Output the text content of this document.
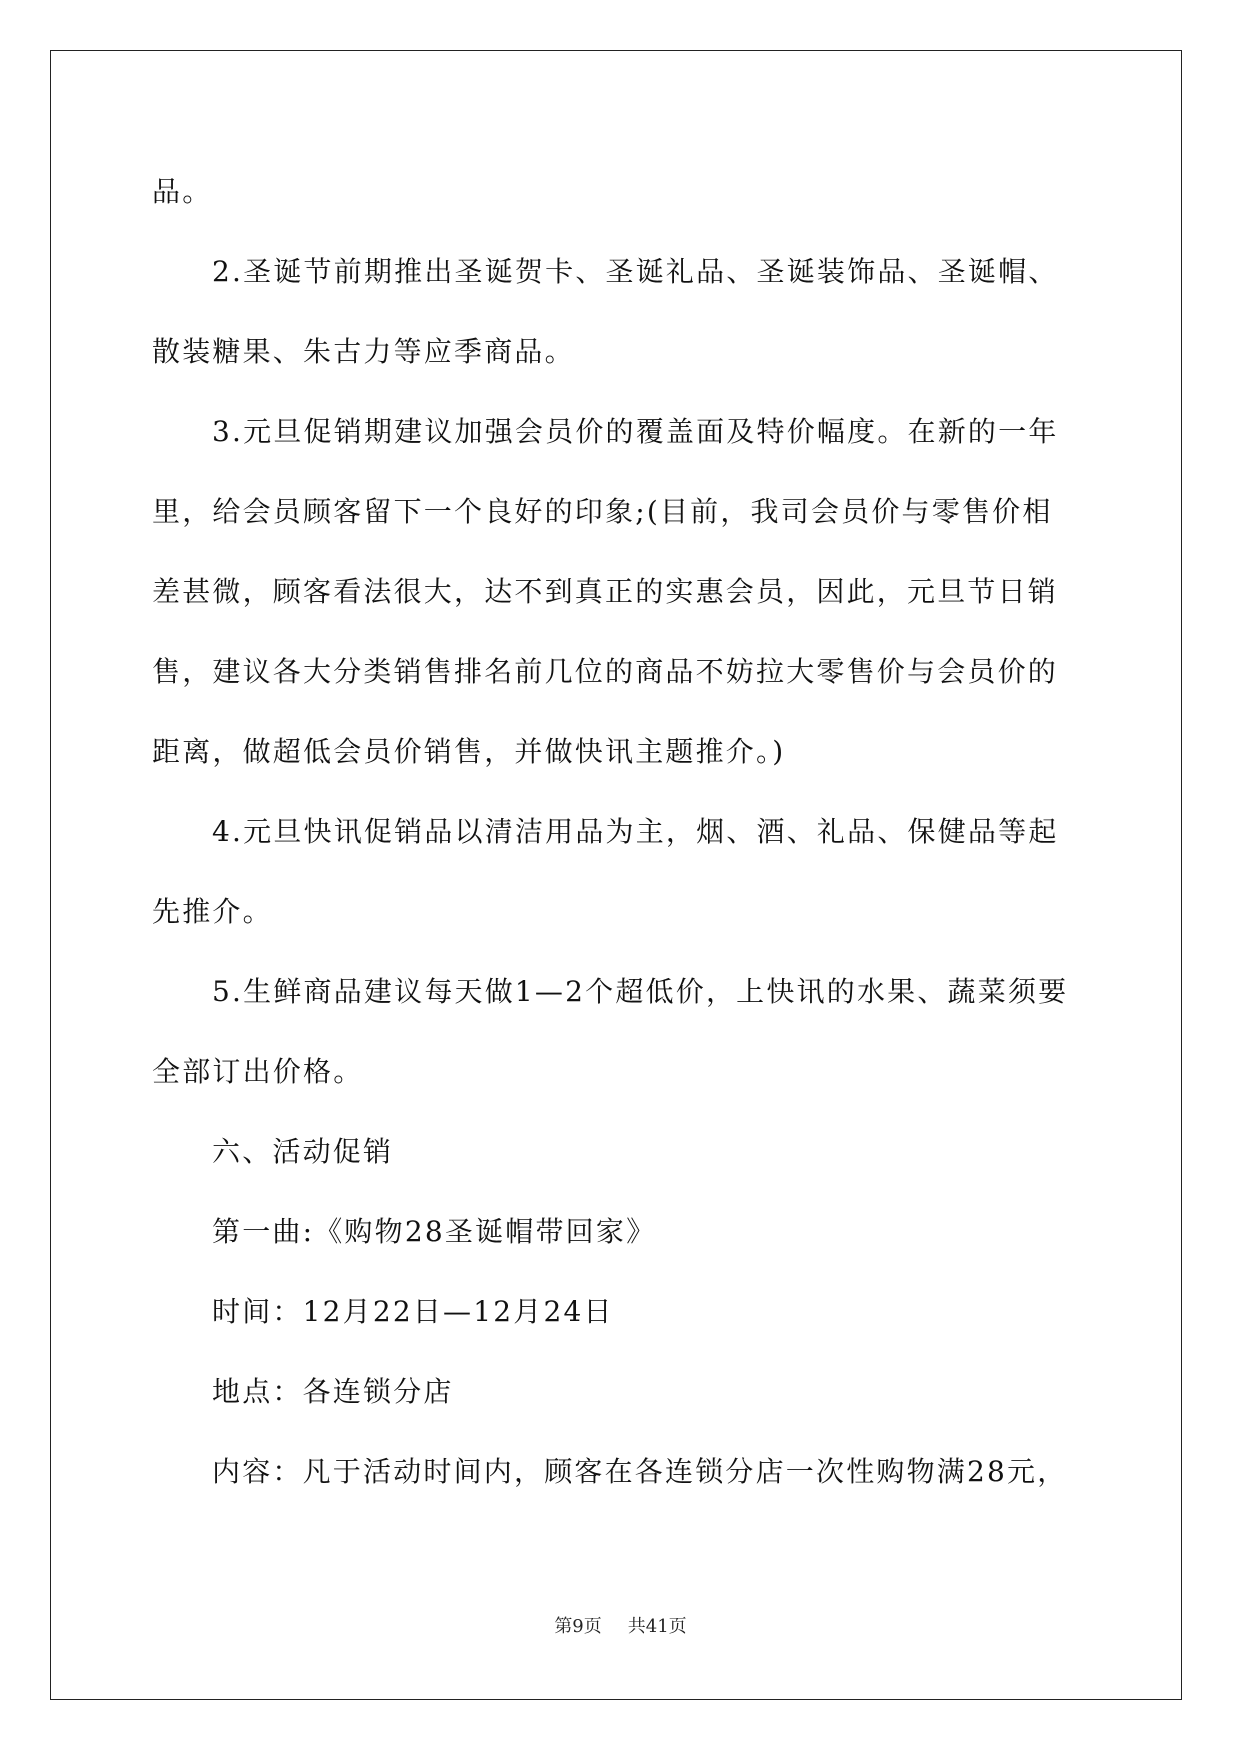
品。
2.圣诞节前期推出圣诞贺卡、圣诞礼品、圣诞装饰品、圣诞帽、
散装糖果、朱古力等应季商品。
3.元旦促销期建议加强会员价的覆盖面及特价幅度。在新的一年
里，给会员顾客留下一个良好的印象;(目前，我司会员价与零售价相
差甚微，顾客看法很大，达不到真正的实惠会员，因此，元旦节日销
售，建议各大分类销售排名前几位的商品不妨拉大零售价与会员价的
距离，做超低会员价销售，并做快讯主题推介。)
4.元旦快讯促销品以清洁用品为主，烟、酒、礼品、保健品等起
先推介。
5.生鲜商品建议每天做1—2个超低价，上快讯的水果、蔬菜须要
全部订出价格。
六、活动促销
第一曲:《购物28圣诞帽带回家》
时间：12月22日—12月24日
地点：各连锁分店
内容：凡于活动时间内，顾客在各连锁分店一次性购物满28元，
第9页 共41页
